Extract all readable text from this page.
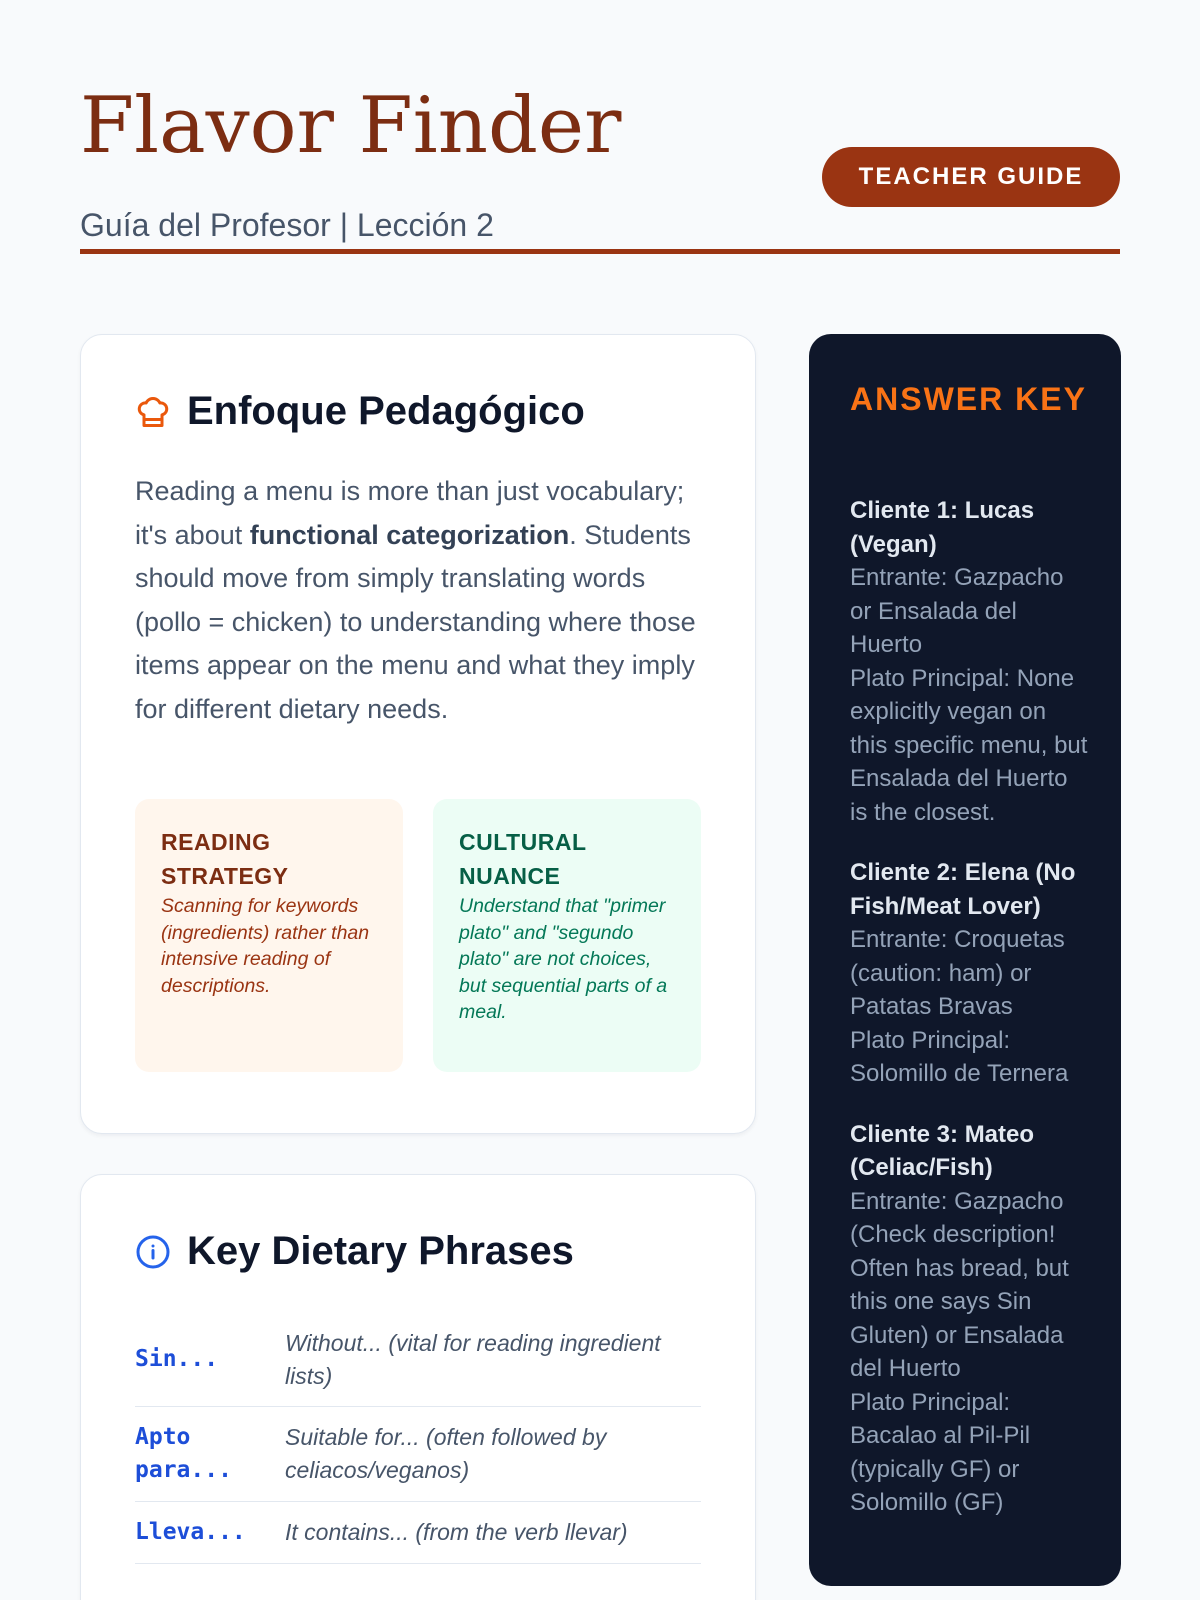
Flavor Finder
Guía del Profesor | Lección 2
TEACHER GUIDE
Enfoque Pedagógico

Reading a menu is more than just vocabulary; it's about functional categorization. Students should move from simply translating words (pollo = chicken) to understanding where those items appear on the menu and what they imply for different dietary needs.

READING STRATEGY
Scanning for keywords (ingredients) rather than intensive reading of descriptions.
CULTURAL NUANCE
Understand that "primer plato" and "segundo plato" are not choices, but sequential parts of a meal.
Key Dietary Phrases
Sin...
Without... (vital for reading ingredient lists)
Apto para...
Suitable for... (often followed by celiacos/veganos)
Lleva...	It contains... (from the verb llevar)
ANSWER KEY
Cliente 1: Lucas (Vegan)
Entrante: Gazpacho or Ensalada del Huerto
Plato Principal: None explicitly vegan on this specific menu, but Ensalada del Huerto is the closest.
Cliente 2: Elena (No Fish/Meat Lover)
Entrante: Croquetas (caution: ham) or Patatas Bravas
Plato Principal: Solomillo de Ternera
Cliente 3: Mateo (Celiac/Fish)
Entrante: Gazpacho (Check description! Often has bread, but this one says Sin Gluten) or Ensalada del Huerto
Plato Principal: Bacalao al Pil-Pil (typically GF) or Solomillo (GF)
